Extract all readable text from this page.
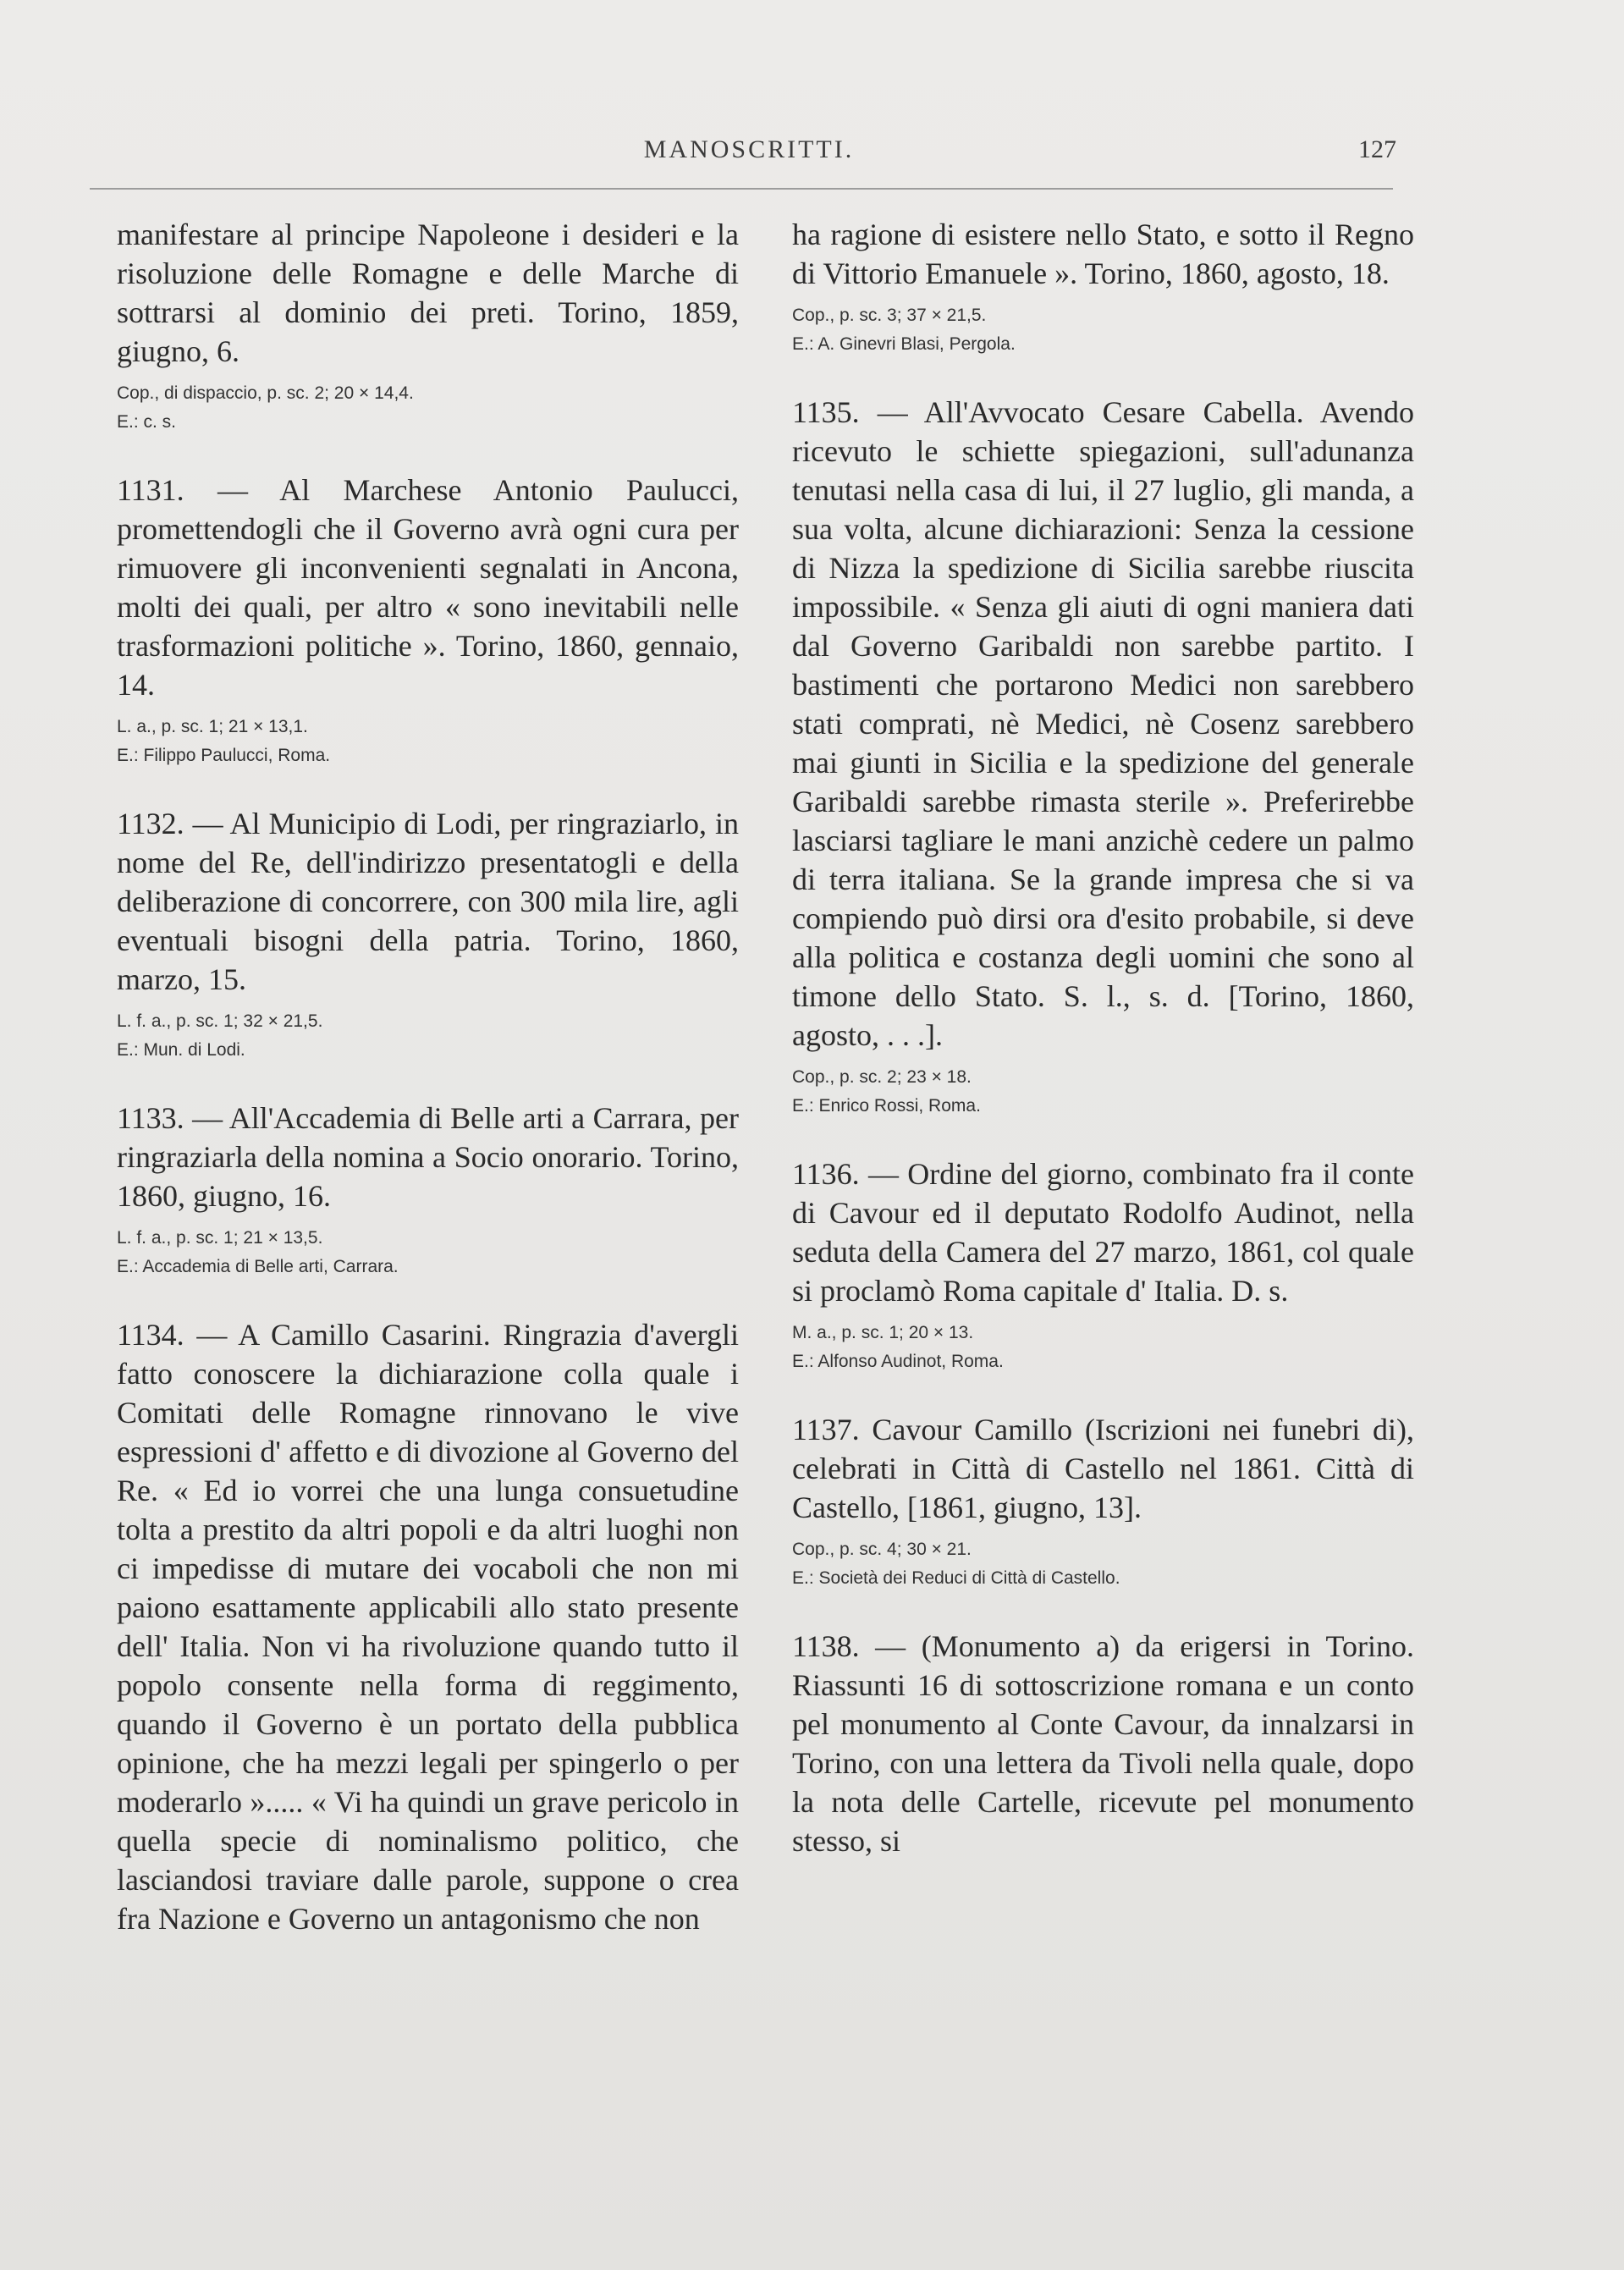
MANOSCRITTI.	127

manifestare al principe Napoleone i desideri e la risoluzione delle Romagne e delle Marche di sottrarsi al dominio dei preti. Torino, 1859, giugno, 6.

Cop., di dispaccio, p. sc. 2; 20 × 14,4.
E.: c. s.

1131. — Al Marchese Antonio Paulucci, promettendogli che il Governo avrà ogni cura per rimuovere gli inconvenienti segnalati in Ancona, molti dei quali, per altro « sono inevitabili nelle trasformazioni politiche ». Torino, 1860, gennaio, 14.

L. a., p. sc. 1; 21 × 13,1.
E.: Filippo Paulucci, Roma.

1132. — Al Municipio di Lodi, per ringraziarlo, in nome del Re, dell'indirizzo presentatogli e della deliberazione di concorrere, con 300 mila lire, agli eventuali bisogni della patria. Torino, 1860, marzo, 15.

L. f. a., p. sc. 1; 32 × 21,5.
E.: Mun. di Lodi.

1133. — All'Accademia di Belle arti a Carrara, per ringraziarla della nomina a Socio onorario. Torino, 1860, giugno, 16.

L. f. a., p. sc. 1; 21 × 13,5.
E.: Accademia di Belle arti, Carrara.

1134. — A Camillo Casarini. Ringrazia d'avergli fatto conoscere la dichiarazione colla quale i Comitati delle Romagne rinnovano le vive espressioni d' affetto e di divozione al Governo del Re. « Ed io vorrei che una lunga consuetudine tolta a prestito da altri popoli e da altri luoghi non ci impedisse di mutare dei vocaboli che non mi paiono esattamente applicabili allo stato presente dell' Italia. Non vi ha rivoluzione quando tutto il popolo consente nella forma di reggimento, quando il Governo è un portato della pubblica opinione, che ha mezzi legali per spingerlo o per moderarlo »..... « Vi ha quindi un grave pericolo in quella specie di nominalismo politico, che lasciandosi traviare dalle parole, suppone o crea fra Nazione e Governo un antagonismo che non

ha ragione di esistere nello Stato, e sotto il Regno di Vittorio Emanuele ». Torino, 1860, agosto, 18.

Cop., p. sc. 3; 37 × 21,5.
E.: A. Ginevri Blasi, Pergola.

1135. — All'Avvocato Cesare Cabella. Avendo ricevuto le schiette spiegazioni, sull'adunanza tenutasi nella casa di lui, il 27 luglio, gli manda, a sua volta, alcune dichiarazioni: Senza la cessione di Nizza la spedizione di Sicilia sarebbe riuscita impossibile. « Senza gli aiuti di ogni maniera dati dal Governo Garibaldi non sarebbe partito. I bastimenti che portarono Medici non sarebbero stati comprati, nè Medici, nè Cosenz sarebbero mai giunti in Sicilia e la spedizione del generale Garibaldi sarebbe rimasta sterile ». Preferirebbe lasciarsi tagliare le mani anzichè cedere un palmo di terra italiana. Se la grande impresa che si va compiendo può dirsi ora d'esito probabile, si deve alla politica e costanza degli uomini che sono al timone dello Stato. S. l., s. d. [Torino, 1860, agosto, . . .].

Cop., p. sc. 2; 23 × 18.
E.: Enrico Rossi, Roma.

1136. — Ordine del giorno, combinato fra il conte di Cavour ed il deputato Rodolfo Audinot, nella seduta della Camera del 27 marzo, 1861, col quale si proclamò Roma capitale d' Italia. D. s.

M. a., p. sc. 1; 20 × 13.
E.: Alfonso Audinot, Roma.

1137. Cavour Camillo (Iscrizioni nei funebri di), celebrati in Città di Castello nel 1861. Città di Castello, [1861, giugno, 13].

Cop., p. sc. 4; 30 × 21.
E.: Società dei Reduci di Città di Castello.

1138. — (Monumento a) da erigersi in Torino. Riassunti 16 di sottoscrizione romana e un conto pel monumento al Conte Cavour, da innalzarsi in Torino, con una lettera da Tivoli nella quale, dopo la nota delle Cartelle, ricevute pel monumento stesso, si
